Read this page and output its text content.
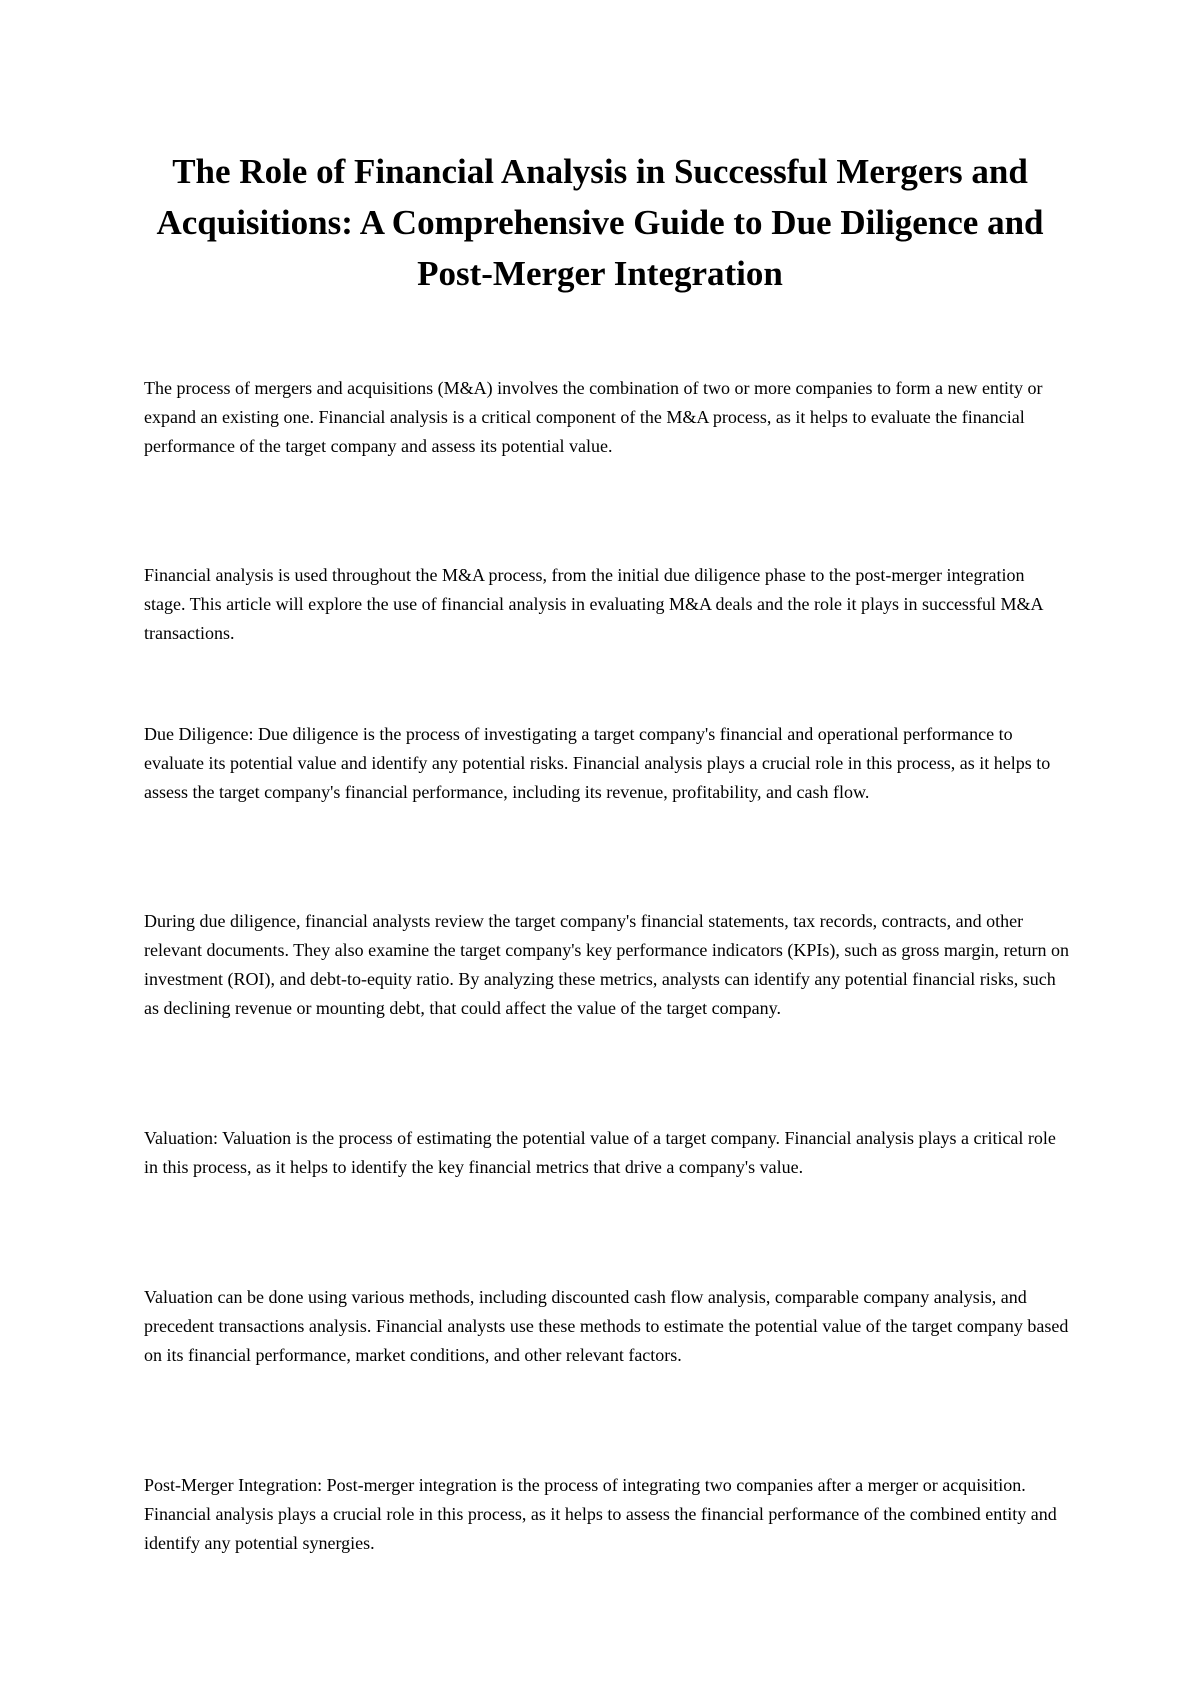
The Role of Financial Analysis in Successful Mergers and Acquisitions: A Comprehensive Guide to Due Diligence and Post-Merger Integration

The process of mergers and acquisitions (M&A) involves the combination of two or more companies to form a new entity or expand an existing one. Financial analysis is a critical component of the M&A process, as it helps to evaluate the financial performance of the target company and assess its potential value.

Financial analysis is used throughout the M&A process, from the initial due diligence phase to the post-merger integration stage. This article will explore the use of financial analysis in evaluating M&A deals and the role it plays in successful M&A transactions.

Due Diligence: Due diligence is the process of investigating a target company's financial and operational performance to evaluate its potential value and identify any potential risks. Financial analysis plays a crucial role in this process, as it helps to assess the target company's financial performance, including its revenue, profitability, and cash flow.

During due diligence, financial analysts review the target company's financial statements, tax records, contracts, and other relevant documents. They also examine the target company's key performance indicators (KPIs), such as gross margin, return on investment (ROI), and debt-to-equity ratio. By analyzing these metrics, analysts can identify any potential financial risks, such as declining revenue or mounting debt, that could affect the value of the target company.

Valuation: Valuation is the process of estimating the potential value of a target company. Financial analysis plays a critical role in this process, as it helps to identify the key financial metrics that drive a company's value.

Valuation can be done using various methods, including discounted cash flow analysis, comparable company analysis, and precedent transactions analysis. Financial analysts use these methods to estimate the potential value of the target company based on its financial performance, market conditions, and other relevant factors.

Post-Merger Integration: Post-merger integration is the process of integrating two companies after a merger or acquisition. Financial analysis plays a crucial role in this process, as it helps to assess the financial performance of the combined entity and identify any potential synergies.
